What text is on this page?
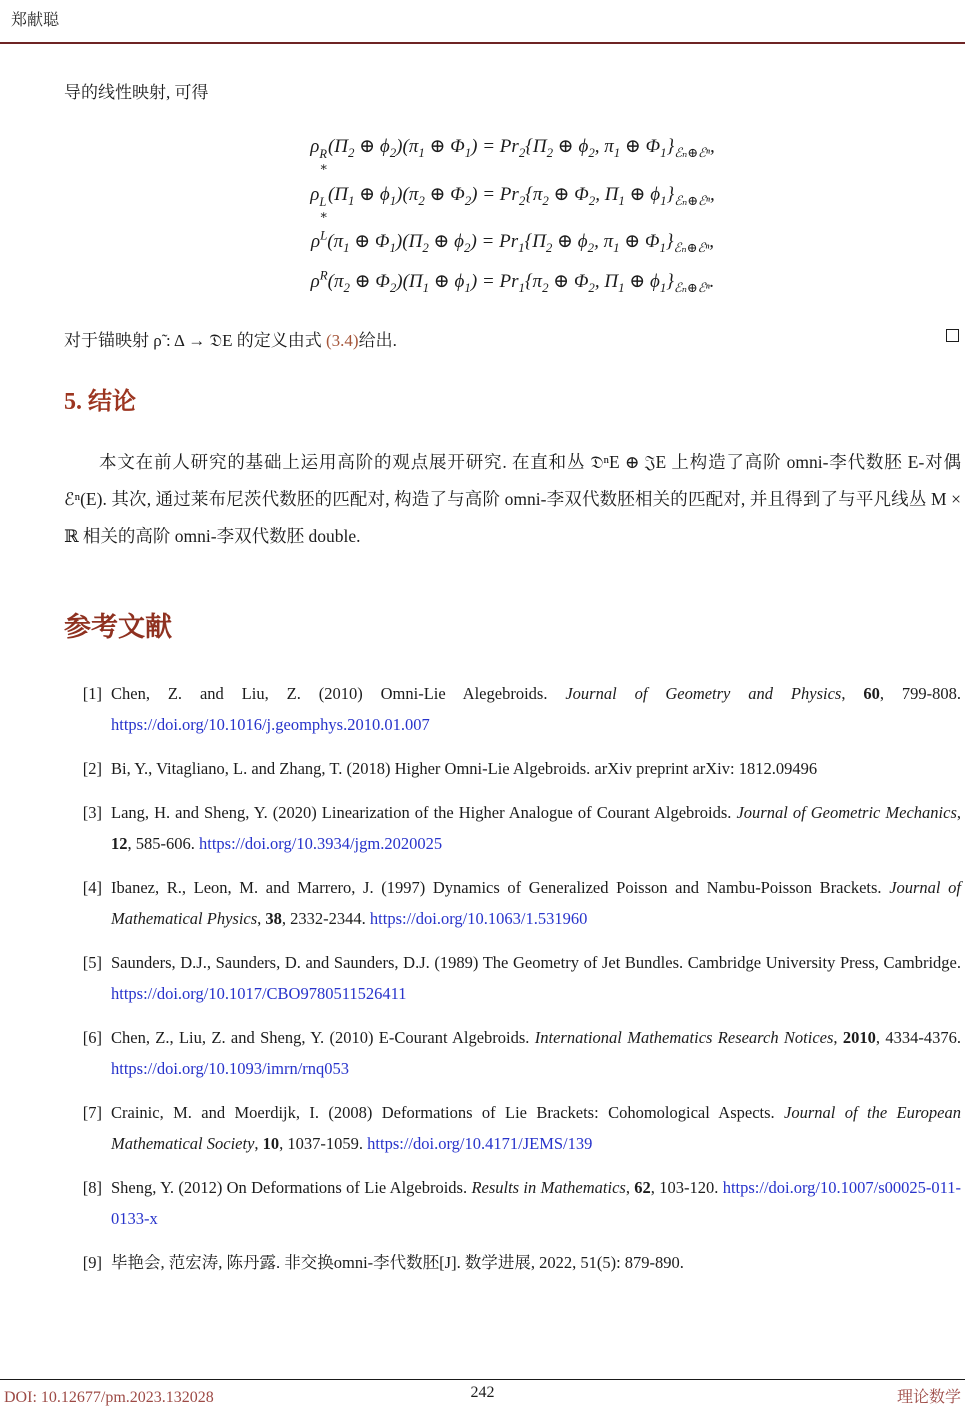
郑献聪
导的线性映射, 可得
ρ R
∗
($\Pi_2$ ⊕ $\phi_2)(\pi_1$ ⊕ $\Phi_1) = Pr_2\{\Pi_2$ ⊕ $\phi_2$, $\pi_1$ ⊕ $\Phi_1\}_{ℰ_n\oplus ℰ^n}$,
ρ L
∗
($\Pi_1$ ⊕ $\phi_1)(\pi_2$ ⊕ $\Phi_2) = Pr_2\{\pi_2$ ⊕ $\Phi_2$, $\Pi_1$ ⊕ $\phi_1\}_{ℰ_n\oplus ℰ^n}$,
$\rho^L(\pi_1$ ⊕ $\Phi_1)(\Pi_2$ ⊕ $\phi_2) = Pr_1\{\Pi_2$ ⊕ $\phi_2$, $\pi_1$ ⊕ $\Phi_1\}_{ℰ_n\oplus ℰ^n}$,
$\rho^R(\pi_2$ ⊕ $\Phi_2)(\Pi_1$ ⊕ $\phi_1) = Pr_1\{\pi_2$ ⊕ $\Phi_2$, $\Pi_1$ ⊕ $\phi_1\}_{ℰ_n\oplus ℰ^n}$.
对于锚映射 ρ̃ : Δ → 𝔇E 的定义由式 (3.4)给出.
5. 结论
本文在前人研究的基础上运用高阶的观点展开研究. 在直和丛 𝔇ⁿE ⊕ 𝔍E 上构造了高阶 omni-李代数胚 E-对偶 ℰⁿ(E). 其次, 通过莱布尼茨代数胚的匹配对, 构造了与高阶 omni-李双代数胚相关的匹配对, 并且得到了与平凡线丛 M × ℝ 相关的高阶 omni-李双代数胚 double.
参考文献
[1] Chen, Z. and Liu, Z. (2010) Omni-Lie Alegebroids. Journal of Geometry and Physics, 60, 799-808. https://doi.org/10.1016/j.geomphys.2010.01.007
[2] Bi, Y., Vitagliano, L. and Zhang, T. (2018) Higher Omni-Lie Algebroids. arXiv preprint arXiv: 1812.09496
[3] Lang, H. and Sheng, Y. (2020) Linearization of the Higher Analogue of Courant Algebroids. Journal of Geometric Mechanics, 12, 585-606. https://doi.org/10.3934/jgm.2020025
[4] Ibanez, R., Leon, M. and Marrero, J. (1997) Dynamics of Generalized Poisson and Nambu-Poisson Brackets. Journal of Mathematical Physics, 38, 2332-2344. https://doi.org/10.1063/1.531960
[5] Saunders, D.J., Saunders, D. and Saunders, D.J. (1989) The Geometry of Jet Bundles. Cambridge University Press, Cambridge. https://doi.org/10.1017/CBO9780511526411
[6] Chen, Z., Liu, Z. and Sheng, Y. (2010) E-Courant Algebroids. International Mathematics Research Notices, 2010, 4334-4376. https://doi.org/10.1093/imrn/rnq053
[7] Crainic, M. and Moerdijk, I. (2008) Deformations of Lie Brackets: Cohomological Aspects. Journal of the European Mathematical Society, 10, 1037-1059. https://doi.org/10.4171/JEMS/139
[8] Sheng, Y. (2012) On Deformations of Lie Algebroids. Results in Mathematics, 62, 103-120. https://doi.org/10.1007/s00025-011-0133-x
[9] 毕艳会, 范宏涛, 陈丹露. 非交换omni-李代数胚[J]. 数学进展, 2022, 51(5): 879-890.
DOI: 10.12677/pm.2023.132028	242	理论数学
